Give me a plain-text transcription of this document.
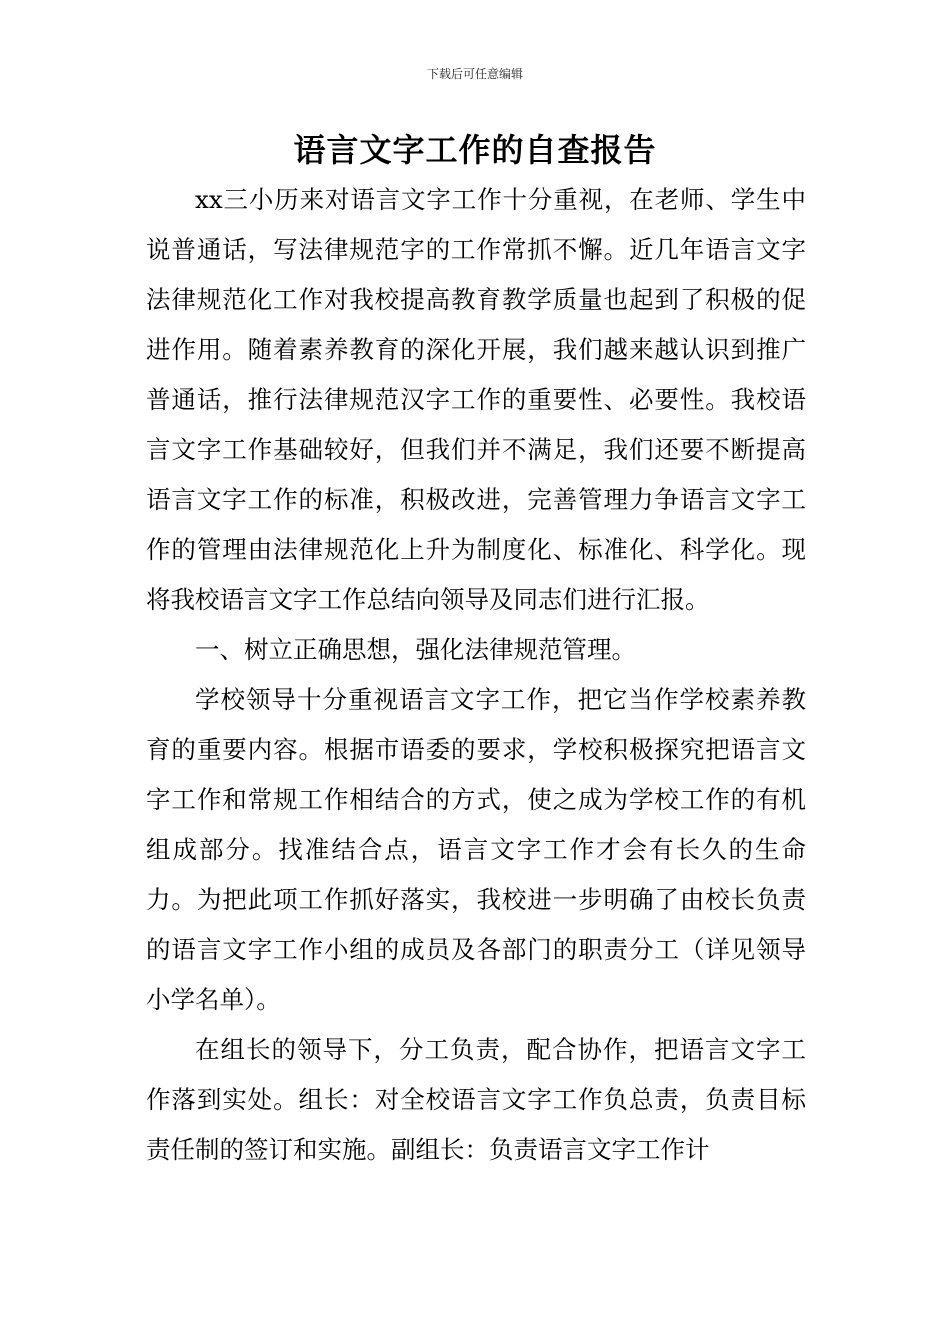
下载后可任意编辑
语言文字工作的自查报告

xx三小历来对语言文字工作十分重视，在老师、学生中说普通话，写法律规范字的工作常抓不懈。近几年语言文字法律规范化工作对我校提高教育教学质量也起到了积极的促进作用。随着素养教育的深化开展，我们越来越认识到推广普通话，推行法律规范汉字工作的重要性、必要性。我校语言文字工作基础较好，但我们并不满足，我们还要不断提高语言文字工作的标准，积极改进，完善管理力争语言文字工作的管理由法律规范化上升为制度化、标准化、科学化。现将我校语言文字工作总结向领导及同志们进行汇报。

一、树立正确思想，强化法律规范管理。

学校领导十分重视语言文字工作，把它当作学校素养教育的重要内容。根据市语委的要求，学校积极探究把语言文字工作和常规工作相结合的方式，使之成为学校工作的有机组成部分。找准结合点，语言文字工作才会有长久的生命力。为把此项工作抓好落实，我校进一步明确了由校长负责的语言文字工作小组的成员及各部门的职责分工（详见领导小学名单）。

在组长的领导下，分工负责，配合协作，把语言文字工作落到实处。组长：对全校语言文字工作负总责，负责目标责任制的签订和实施。副组长：负责语言文字工作计
